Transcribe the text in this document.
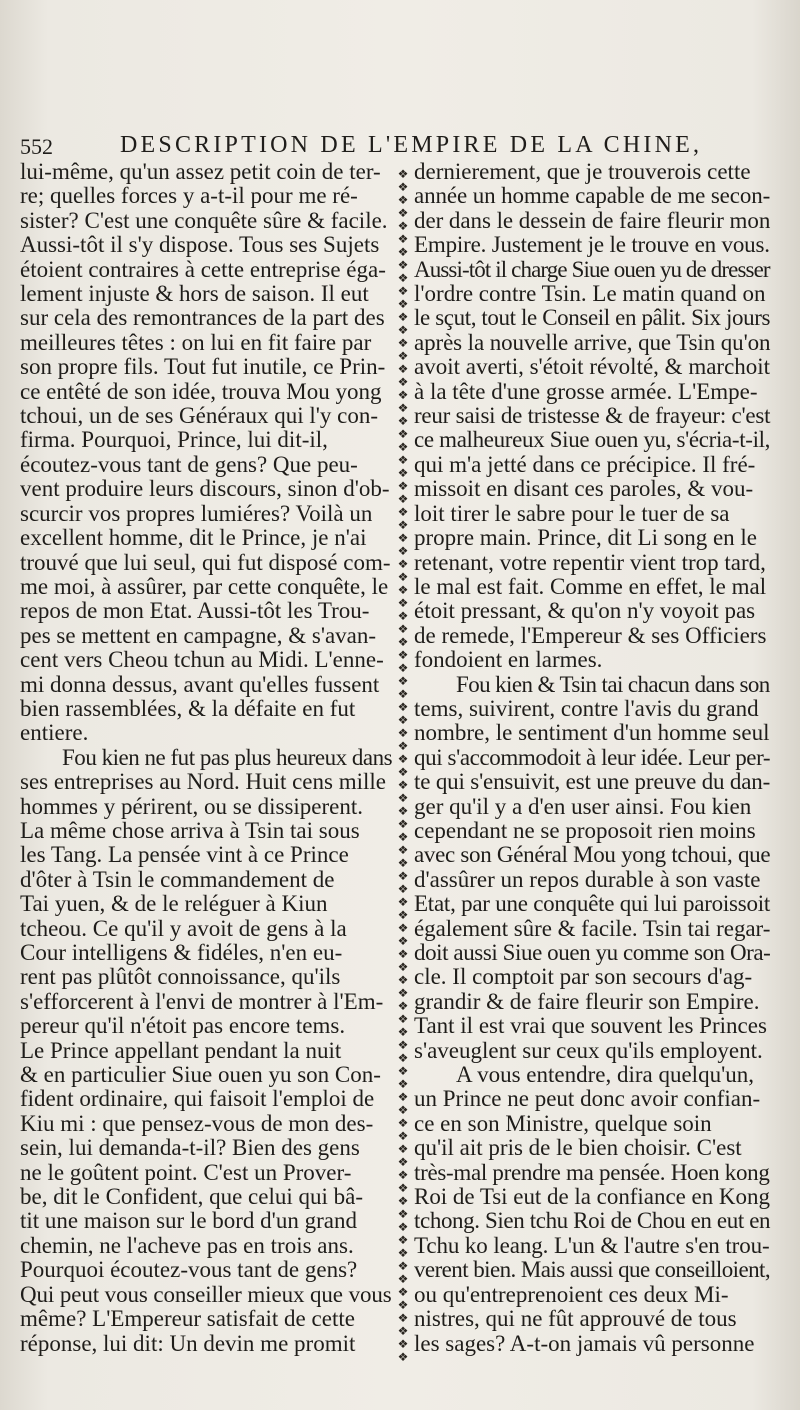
552	DESCRIPTION DE L'EMPIRE DE LA CHINE,
lui-même, qu'un assez petit coin de ter-
re; quelles forces y a-t-il pour me ré-
sister? C'est une conquête sûre & facile.
Aussi-tôt il s'y dispose. Tous ses Sujets
étoient contraires à cette entreprise éga-
lement injuste & hors de saison. Il eut
sur cela des remontrances de la part des
meilleures têtes : on lui en fit faire par
son propre fils. Tout fut inutile, ce Prin-
ce entêté de son idée, trouva Mou yong
tchoui, un de ses Généraux qui l'y con-
firma. Pourquoi, Prince, lui dit-il,
écoutez-vous tant de gens? Que peu-
vent produire leurs discours, sinon d'ob-
scurcir vos propres lumiéres? Voilà un
excellent homme, dit le Prince, je n'ai
trouvé que lui seul, qui fut disposé com-
me moi, à assûrer, par cette conquête, le
repos de mon Etat. Aussi-tôt les Trou-
pes se mettent en campagne, & s'avan-
cent vers Cheou tchun au Midi. L'enne-
mi donna dessus, avant qu'elles fussent
bien rassemblées, & la défaite en fut
entiere.
Fou kien ne fut pas plus heureux dans
ses entreprises au Nord. Huit cens mille
hommes y périrent, ou se dissiperent.
La même chose arriva à Tsin tai sous
les Tang. La pensée vint à ce Prince
d'ôter à Tsin le commandement de
Tai yuen, & de le reléguer à Kiun
tcheou. Ce qu'il y avoit de gens à la
Cour intelligens & fidéles, n'en eu-
rent pas plûtôt connoissance, qu'ils
s'efforcerent à l'envi de montrer à l'Em-
pereur qu'il n'étoit pas encore tems.
Le Prince appellant pendant la nuit
& en particulier Siue ouen yu son Con-
fident ordinaire, qui faisoit l'emploi de
Kiu mi : que pensez-vous de mon des-
sein, lui demanda-t-il? Bien des gens
ne le goûtent point. C'est un Prover-
be, dit le Confident, que celui qui bâ-
tit une maison sur le bord d'un grand
chemin, ne l'acheve pas en trois ans.
Pourquoi écoutez-vous tant de gens?
Qui peut vous conseiller mieux que vous
même? L'Empereur satisfait de cette
réponse, lui dit: Un devin me promit
❖
❖
❖
❖
❖
❖
❖
❖
❖
❖
❖
❖
❖
❖
❖
❖
❖
❖
❖
❖
❖
❖
❖
❖
❖
❖
❖
❖
❖
❖
❖
❖
❖
❖
❖
❖
❖
❖
❖
❖
❖
❖
❖
❖
❖
❖
❖
❖
❖
❖
❖
❖
❖
❖
❖
❖
❖
❖
❖
❖
❖
❖
❖
❖
❖
❖
❖
❖
❖
❖
❖
❖
❖
❖
❖
❖
❖
❖
❖
❖
❖
❖
❖
❖
❖
❖
❖
❖
❖
❖
❖
❖
dernierement, que je trouverois cette
année un homme capable de me secon-
der dans le dessein de faire fleurir mon
Empire. Justement je le trouve en vous.
Aussi-tôt il charge Siue ouen yu de dresser
l'ordre contre Tsin. Le matin quand on
le sçut, tout le Conseil en pâlit. Six jours
après la nouvelle arrive, que Tsin qu'on
avoit averti, s'étoit révolté, & marchoit
à la tête d'une grosse armée. L'Empe-
reur saisi de tristesse & de frayeur: c'est
ce malheureux Siue ouen yu, s'écria-t-il,
qui m'a jetté dans ce précipice. Il fré-
missoit en disant ces paroles, & vou-
loit tirer le sabre pour le tuer de sa
propre main. Prince, dit Li song en le
retenant, votre repentir vient trop tard,
le mal est fait. Comme en effet, le mal
étoit pressant, & qu'on n'y voyoit pas
de remede, l'Empereur & ses Officiers
fondoient en larmes.
Fou kien & Tsin tai chacun dans son
tems, suivirent, contre l'avis du grand
nombre, le sentiment d'un homme seul
qui s'accommodoit à leur idée. Leur per-
te qui s'ensuivit, est une preuve du dan-
ger qu'il y a d'en user ainsi. Fou kien
cependant ne se proposoit rien moins
avec son Général Mou yong tchoui, que
d'assûrer un repos durable à son vaste
Etat, par une conquête qui lui paroissoit
également sûre & facile. Tsin tai regar-
doit aussi Siue ouen yu comme son Ora-
cle. Il comptoit par son secours d'ag-
grandir & de faire fleurir son Empire.
Tant il est vrai que souvent les Princes
s'aveuglent sur ceux qu'ils employent.
A vous entendre, dira quelqu'un,
un Prince ne peut donc avoir confian-
ce en son Ministre, quelque soin
qu'il ait pris de le bien choisir. C'est
très-mal prendre ma pensée. Hoen kong
Roi de Tsi eut de la confiance en Kong
tchong. Sien tchu Roi de Chou en eut en
Tchu ko leang. L'un & l'autre s'en trou-
verent bien. Mais aussi que conseilloient,
ou qu'entreprenoient ces deux Mi-
nistres, qui ne fût approuvé de tous
les sages? A-t-on jamais vû personne
